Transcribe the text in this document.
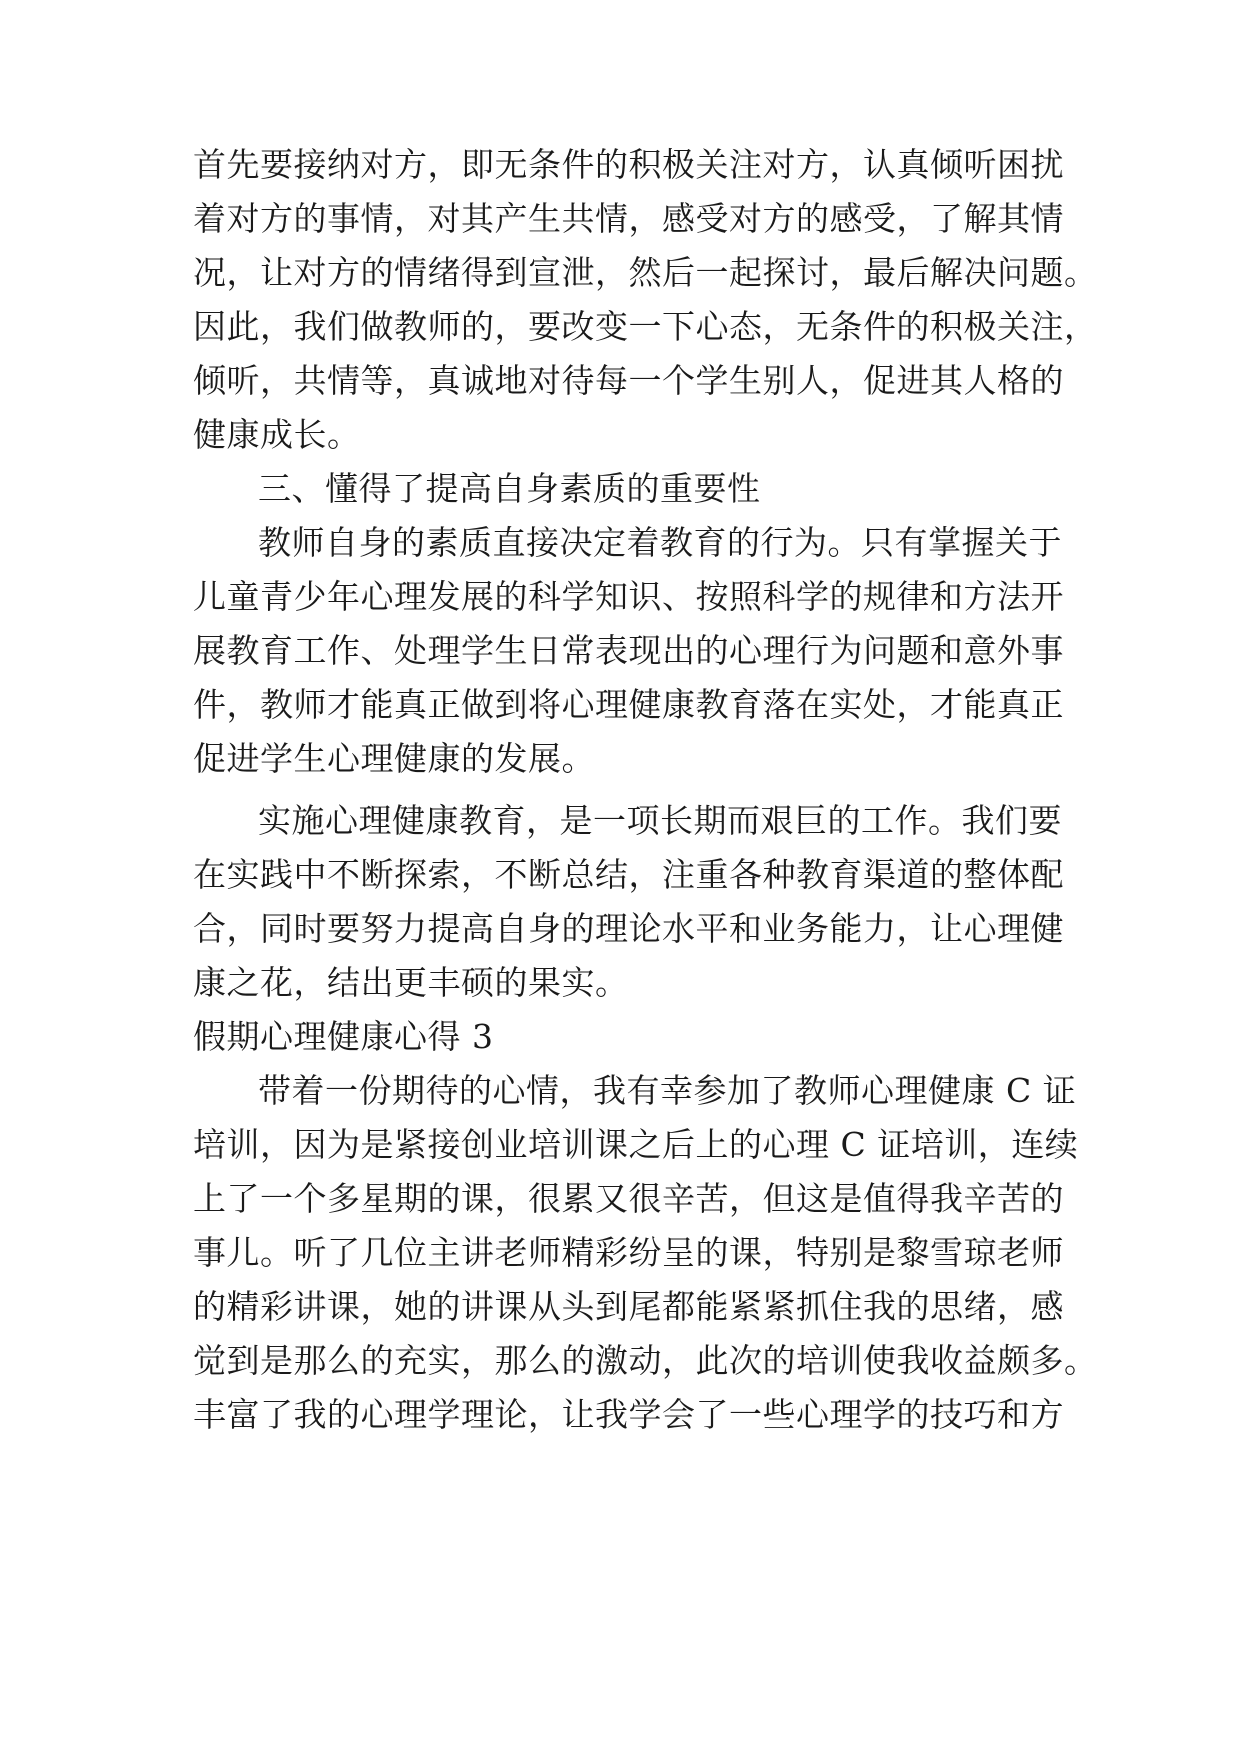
首先要接纳对方，即无条件的积极关注对方，认真倾听困扰
着对方的事情，对其产生共情，感受对方的感受，了解其情
况，让对方的情绪得到宣泄，然后一起探讨，最后解决问题。
因此，我们做教师的，要改变一下心态，无条件的积极关注，
倾听，共情等，真诚地对待每一个学生别人，促进其人格的
健康成长。
三、懂得了提高自身素质的重要性
教师自身的素质直接决定着教育的行为。只有掌握关于
儿童青少年心理发展的科学知识、按照科学的规律和方法开
展教育工作、处理学生日常表现出的心理行为问题和意外事
件，教师才能真正做到将心理健康教育落在实处，才能真正
促进学生心理健康的发展。
实施心理健康教育，是一项长期而艰巨的工作。我们要
在实践中不断探索，不断总结，注重各种教育渠道的整体配
合，同时要努力提高自身的理论水平和业务能力，让心理健
康之花，结出更丰硕的果实。
假期心理健康心得 3
带着一份期待的心情，我有幸参加了教师心理健康 C 证
培训，因为是紧接创业培训课之后上的心理 C 证培训，连续
上了一个多星期的课，很累又很辛苦，但这是值得我辛苦的
事儿。听了几位主讲老师精彩纷呈的课，特别是黎雪琼老师
的精彩讲课，她的讲课从头到尾都能紧紧抓住我的思绪，感
觉到是那么的充实，那么的激动，此次的培训使我收益颇多。
丰富了我的心理学理论，让我学会了一些心理学的技巧和方
